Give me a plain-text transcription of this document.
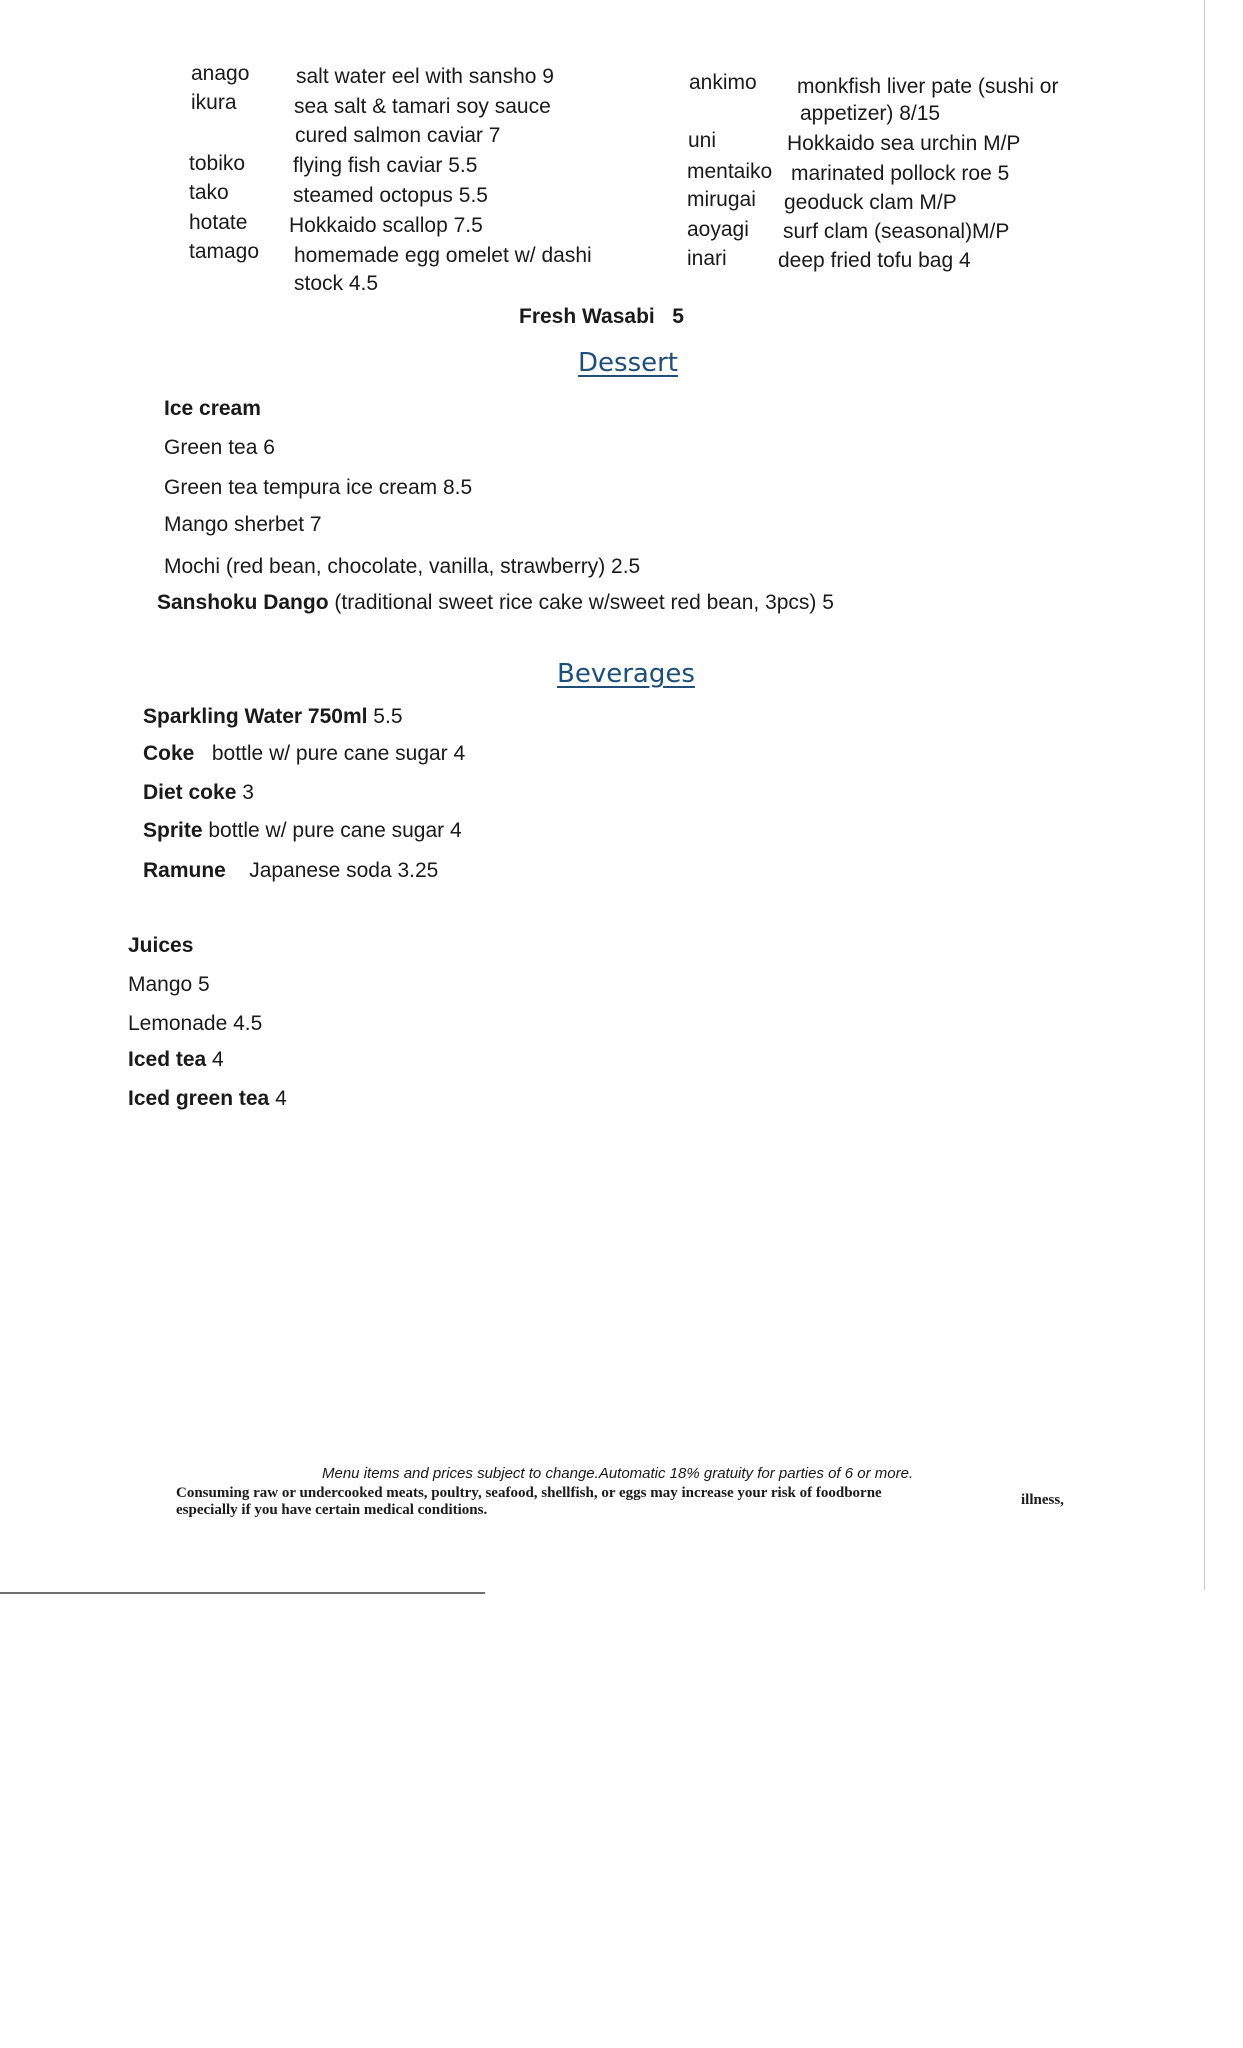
anago salt water eel with sansho 9
ikura	sea salt & tamari soy sauce
cured salmon caviar 7
tobiko flying fish caviar 5.5
tako	steamed octopus 5.5
hotate Hokkaido scallop 7.5
tamago homemade egg omelet w/ dashi
stock 4.5
ankimo monkfish liver pate (sushi or
appetizer) 8/15
uni	Hokkaido sea urchin M/P
mentaiko marinated pollock roe 5
mirugai geoduck clam M/P
aoyagi surf clam (seasonal)M/P
inari deep fried tofu bag 4
Fresh Wasabi 5
Dessert
Ice cream
Green tea 6
Green tea tempura ice cream 8.5
Mango sherbet 7
Mochi (red bean, chocolate, vanilla, strawberry) 2.5
Sanshoku Dango (traditional sweet rice cake w/sweet red bean, 3pcs) 5
Beverages
Sparkling Water 750ml 5.5
Coke   bottle w/ pure cane sugar 4
Diet coke 3
Sprite bottle w/ pure cane sugar 4
Ramune    Japanese soda 3.25
Juices
Mango 5
Lemonade 4.5
Iced tea 4
Iced green tea 4
Menu items and prices subject to change.Automatic 18% gratuity for parties of 6 or more.
Consuming raw or undercooked meats, poultry, seafood, shellfish, or eggs may increase your risk of foodborne	illness,
especially if you have certain medical conditions.
